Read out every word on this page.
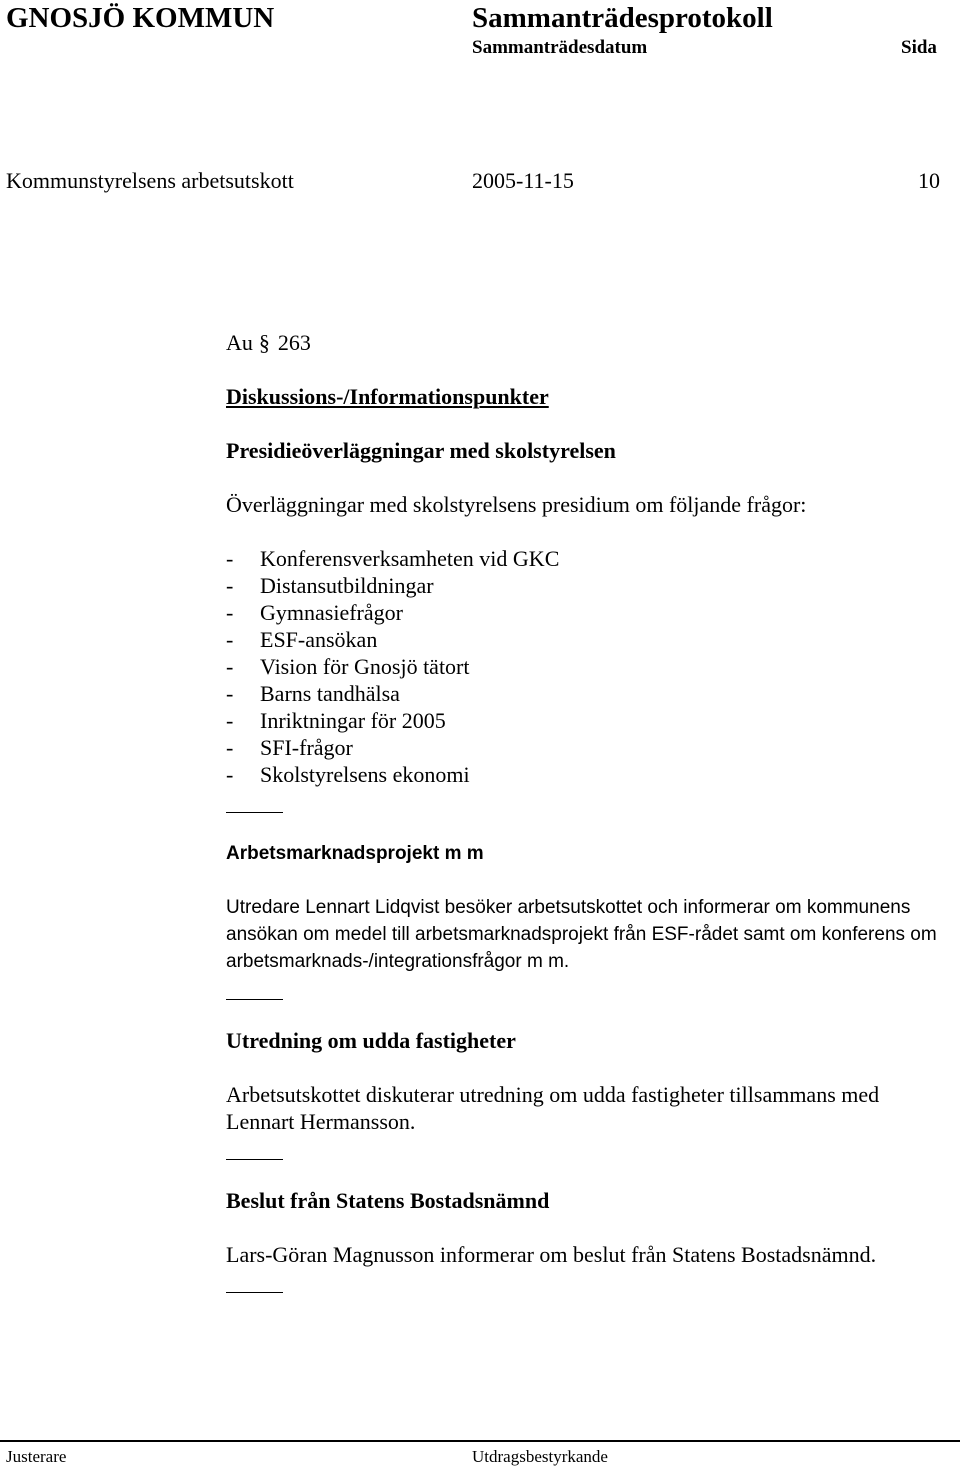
GNOSJÖ KOMMUN	Sammanträdesprotokoll
Sammanträdesdatum	Sida
Kommunstyrelsens arbetsutskott	2005-11-15	10

Au § 263

Diskussions-/Informationspunkter

Presidieöverläggningar med skolstyrelsen

Överläggningar med skolstyrelsens presidium om följande frågor:

-	Konferensverksamheten vid GKC
-	Distansutbildningar
-	Gymnasiefrågor
-	ESF-ansökan
-	Vision för Gnosjö tätort
-	Barns tandhälsa
-	Inriktningar för 2005
-	SFI-frågor
-	Skolstyrelsens ekonomi

Arbetsmarknadsprojekt m m

Utredare Lennart Lidqvist besöker arbetsutskottet och informerar om kommunens ansökan om medel till arbetsmarknadsprojekt från ESF-rådet samt om konferens om arbetsmarknads-/integrationsfrågor m m.

Utredning om udda fastigheter

Arbetsutskottet diskuterar utredning om udda fastigheter tillsammans med Lennart Hermansson.

Beslut från Statens Bostadsnämnd

Lars-Göran Magnusson informerar om beslut från Statens Bostadsnämnd.

Justerare	Utdragsbestyrkande
